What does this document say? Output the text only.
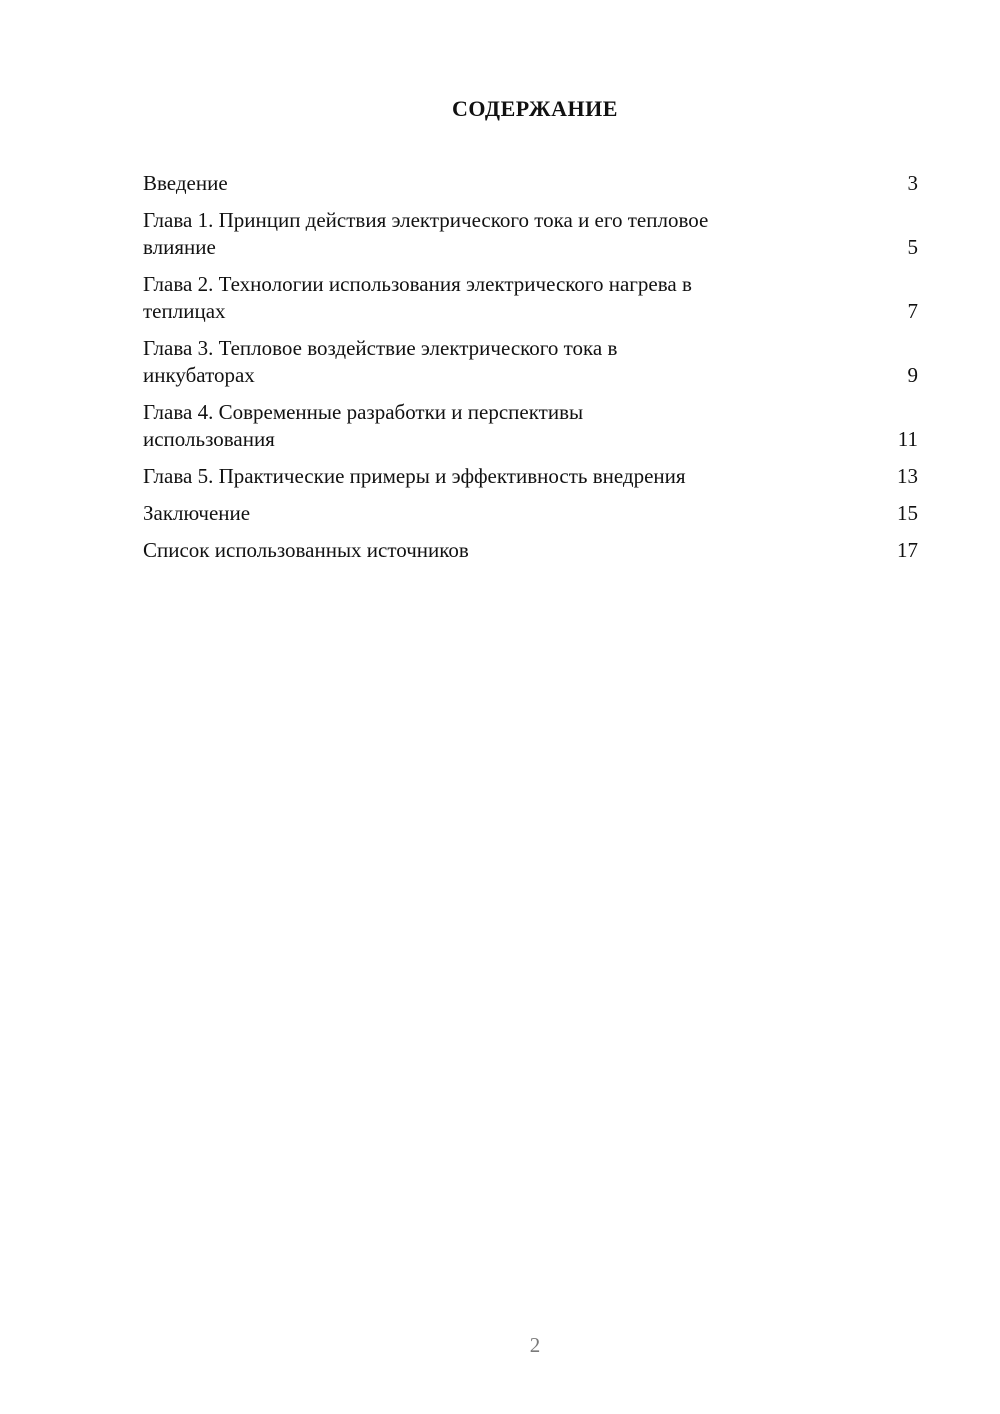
СОДЕРЖАНИЕ
Введение	3
Глава 1. Принцип действия электрического тока и его тепловое
влияние	5
Глава 2. Технологии использования электрического нагрева в
теплицах	7
Глава 3. Тепловое воздействие электрического тока в
инкубаторах	9
Глава 4. Современные разработки и перспективы
использования	11
Глава 5. Практические примеры и эффективность внедрения	13
Заключение	15
Список использованных источников	17
2
